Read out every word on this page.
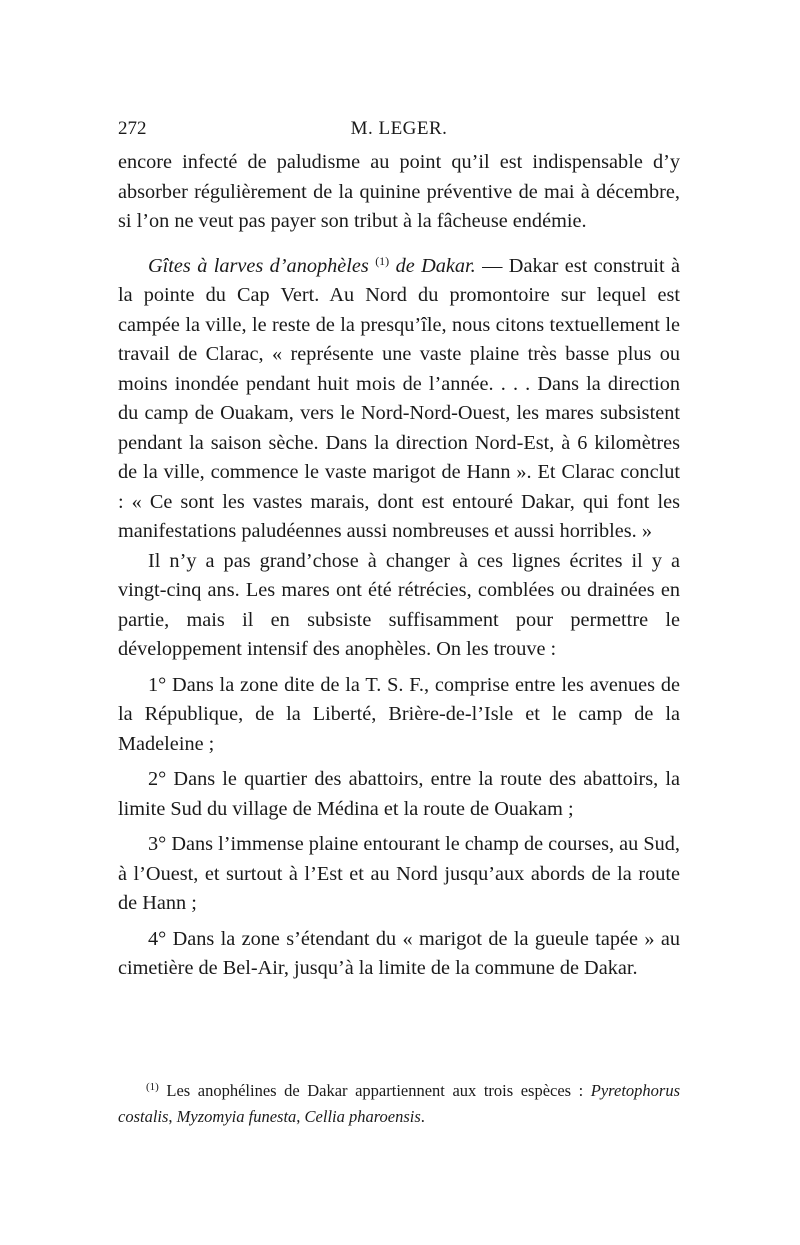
272	M. LEGER.

encore infecté de paludisme au point qu’il est indispensable d’y absorber régulièrement de la quinine préventive de mai à décembre, si l’on ne veut pas payer son tribut à la fâcheuse endémie.

Gîtes à larves d’anophèles $^{(1)}$ de Dakar. — Dakar est construit à la pointe du Cap Vert. Au Nord du promontoire sur lequel est campée la ville, le reste de la presqu’île, nous citons textuellement le travail de Clarac, « représente une vaste plaine très basse plus ou moins inondée pendant huit mois de l’année. . . . Dans la direction du camp de Ouakam, vers le Nord-Nord-Ouest, les mares subsistent pendant la saison sèche. Dans la direction Nord-Est, à 6 kilomètres de la ville, commence le vaste marigot de Hann ». Et Clarac conclut : « Ce sont les vastes marais, dont est entouré Dakar, qui font les manifestations paludéennes aussi nombreuses et aussi horribles. »

Il n’y a pas grand’chose à changer à ces lignes écrites il y a vingt-cinq ans. Les mares ont été rétrécies, comblées ou drainées en partie, mais il en subsiste suffisamment pour permettre le développement intensif des anophèles. On les trouve :

1° Dans la zone dite de la T. S. F., comprise entre les avenues de la République, de la Liberté, Brière-de-l’Isle et le camp de la Madeleine ;

2° Dans le quartier des abattoirs, entre la route des abattoirs, la limite Sud du village de Médina et la route de Ouakam ;

3° Dans l’immense plaine entourant le champ de courses, au Sud, à l’Ouest, et surtout à l’Est et au Nord jusqu’aux abords de la route de Hann ;

4° Dans la zone s’étendant du « marigot de la gueule tapée » au cimetière de Bel-Air, jusqu’à la limite de la commune de Dakar.

$^{(1)}$ Les anophélines de Dakar appartiennent aux trois espèces : Pyretophorus costalis, Myzomyia funesta, Cellia pharoensis.
